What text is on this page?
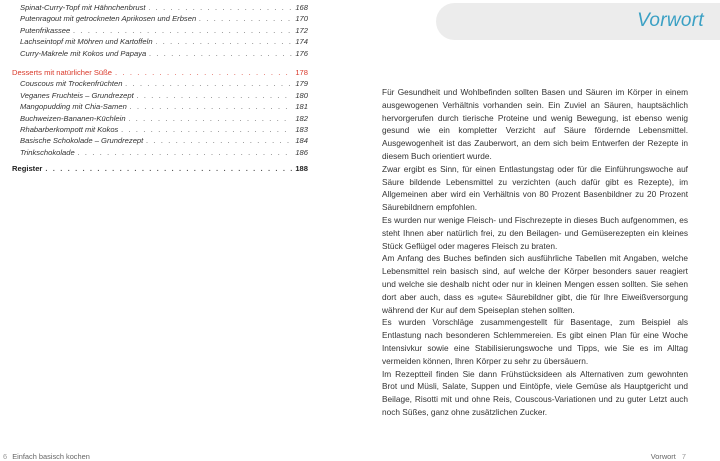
Spinat-Curry-Topf mit Hähnchenbrust . . .	168
Putenragout mit getrockneten Aprikosen und Erbsen . . .	170
Putenfrikassee . . .	172
Lachseintopf mit Möhren und Kartoffeln . . .	174
Curry-Makrele mit Kokos und Papaya . . .	176
Desserts mit natürlicher Süße . . .	178
Couscous mit Trockenfrüchten . . .	179
Veganes Fruchteis – Grundrezept . . .	180
Mangopudding mit Chia-Samen . . .	181
Buchweizen-Bananen-Küchlein . . .	182
Rhabarberkompott mit Kokos . . .	183
Basische Schokolade – Grundrezept . . .	184
Trinkschokolade . . .	186
Register . . .	188
6 Einfach basisch kochen
Vorwort

Für Gesundheit und Wohlbefinden sollten Basen und Säuren im Körper in einem ausgewogenen Verhältnis vorhanden sein. Ein Zuviel an Säuren, hauptsächlich hervorgerufen durch tierische Proteine und wenig Bewegung, ist ebenso wenig gesund wie ein kompletter Verzicht auf Säure fördernde Lebensmittel. Ausgewogenheit ist das Zauberwort, an dem sich beim Entwerfen der Rezepte in diesem Buch orientiert wurde.

Zwar ergibt es Sinn, für einen Entlastungstag oder für die Einführungswoche auf Säure bildende Lebensmittel zu verzichten (auch dafür gibt es Rezepte), im Allgemeinen aber wird ein Verhältnis von 80 Prozent Basenbildner zu 20 Prozent Säurebildnern empfohlen.

Es wurden nur wenige Fleisch- und Fischrezepte in dieses Buch aufgenommen, es steht Ihnen aber natürlich frei, zu den Beilagen- und Gemüserezepten ein kleines Stück Geflügel oder mageres Fleisch zu braten.

Am Anfang des Buches befinden sich ausführliche Tabellen mit Angaben, welche Lebensmittel rein basisch sind, auf welche der Körper besonders sauer reagiert und welche sie deshalb nicht oder nur in kleinen Mengen essen sollten. Sie sehen dort aber auch, dass es »gute« Säurebildner gibt, die für Ihre Eiweißversorgung während der Kur auf dem Speiseplan stehen sollten.

Es wurden Vorschläge zusammengestellt für Basentage, zum Beispiel als Entlastung nach besonderen Schlemmereien. Es gibt einen Plan für eine Woche Intensivkur sowie eine Stabilisierungswoche und Tipps, wie Sie es im Alltag vermeiden können, Ihren Körper zu sehr zu übersäuern.

Im Rezeptteil finden Sie dann Frühstücksideen als Alternativen zum gewohnten Brot und Müsli, Salate, Suppen und Eintöpfe, viele Gemüse als Hauptgericht und Beilage, Risotti mit und ohne Reis, Couscous-Variationen und zu guter Letzt auch noch Süßes, ganz ohne zusätzlichen Zucker.

Vorwort 7
